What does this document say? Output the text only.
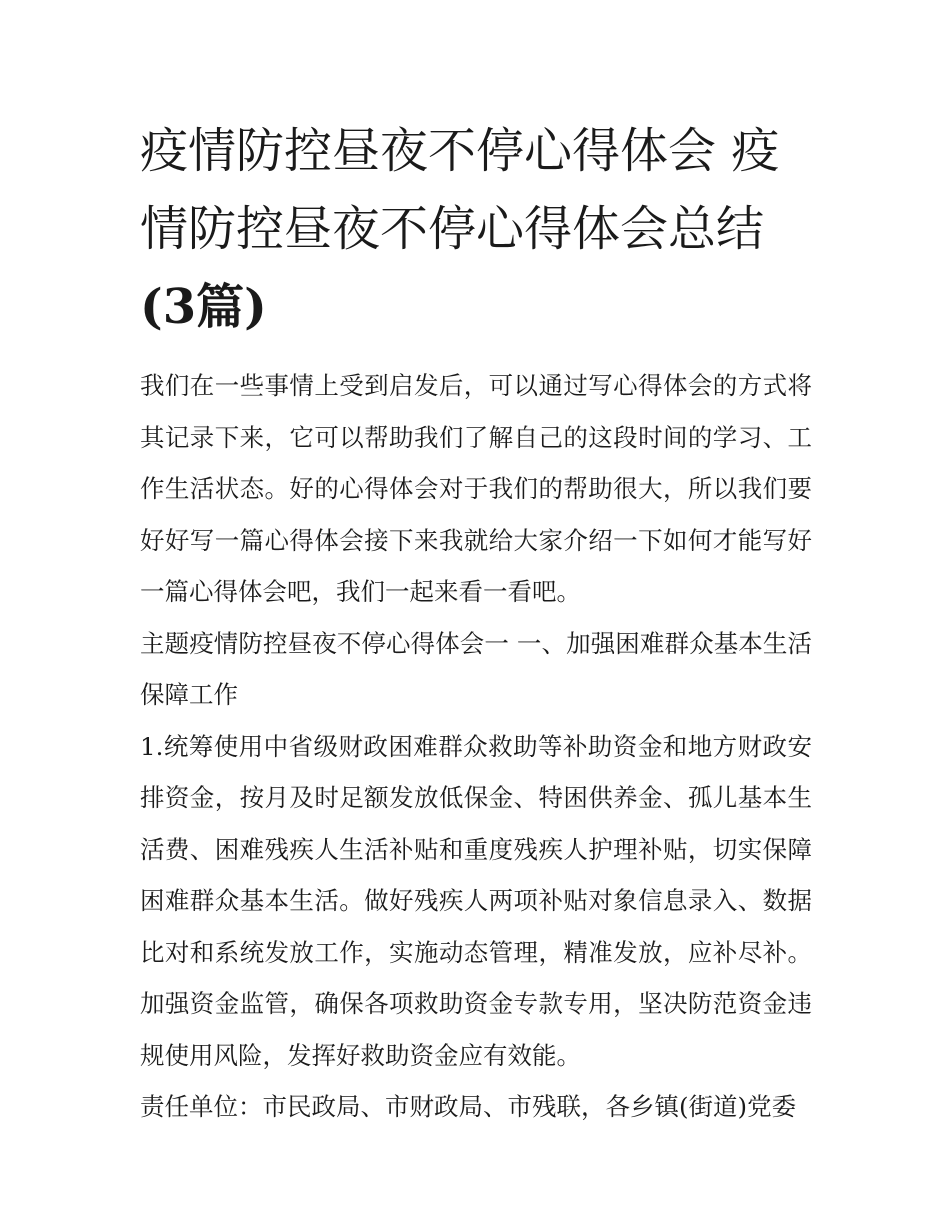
疫情防控昼夜不停心得体会 疫情防控昼夜不停心得体会总结(3篇)

我们在一些事情上受到启发后，可以通过写心得体会的方式将其记录下来，它可以帮助我们了解自己的这段时间的学习、工作生活状态。好的心得体会对于我们的帮助很大，所以我们要好好写一篇心得体会接下来我就给大家介绍一下如何才能写好一篇心得体会吧，我们一起来看一看吧。

主题疫情防控昼夜不停心得体会一 一、加强困难群众基本生活保障工作

1.统筹使用中省级财政困难群众救助等补助资金和地方财政安排资金，按月及时足额发放低保金、特困供养金、孤儿基本生活费、困难残疾人生活补贴和重度残疾人护理补贴，切实保障困难群众基本生活。做好残疾人两项补贴对象信息录入、数据比对和系统发放工作，实施动态管理，精准发放，应补尽补。加强资金监管，确保各项救助资金专款专用，坚决防范资金违规使用风险，发挥好救助资金应有效能。

责任单位：市民政局、市财政局、市残联，各乡镇(街道)党委
